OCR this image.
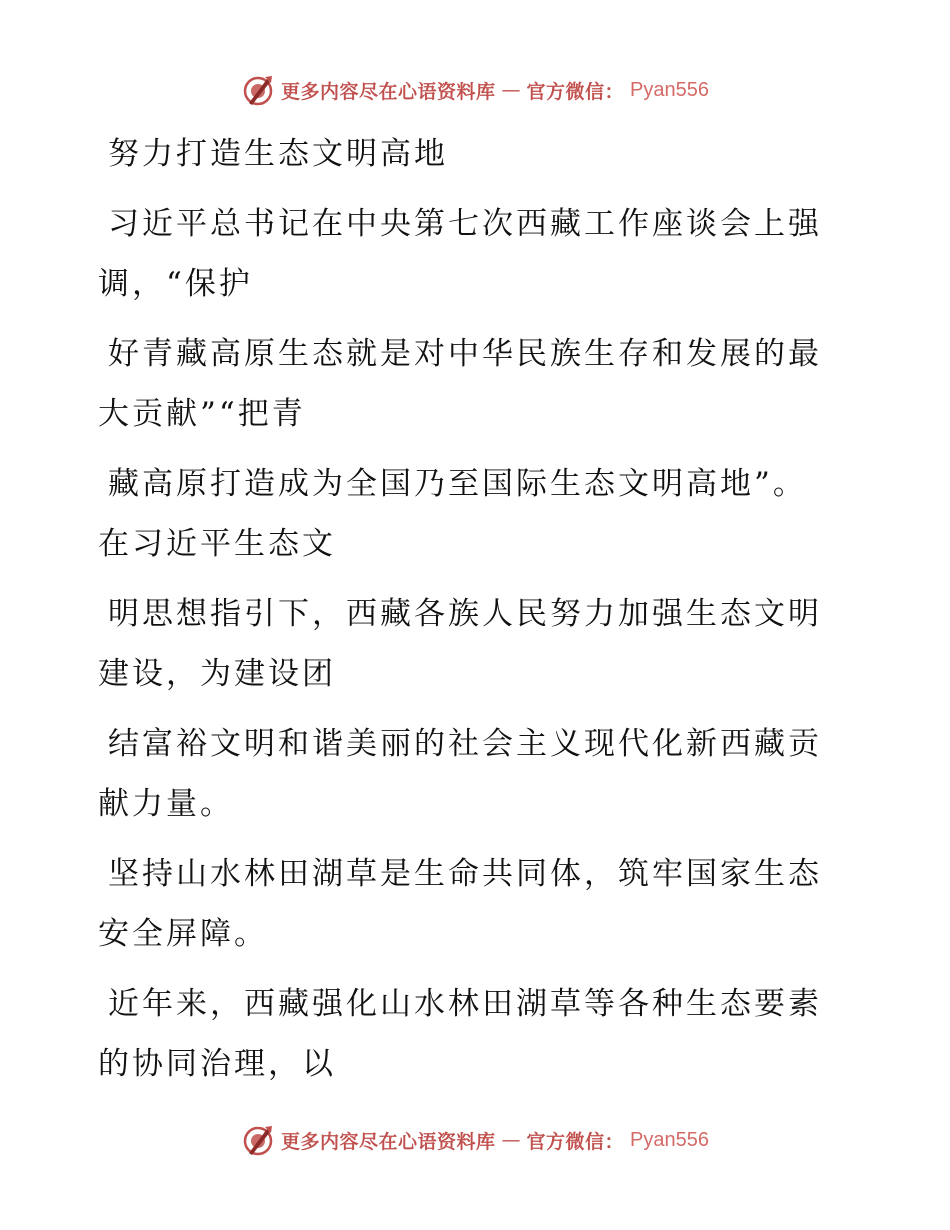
更多内容尽在心语资料库 — 官方微信： Pyan556

努力打造生态文明高地

习近平总书记在中央第七次西藏工作座谈会上强
调，“保护

好青藏高原生态就是对中华民族生存和发展的最
大贡献”“把青

藏高原打造成为全国乃至国际生态文明高地”。
在习近平生态文

明思想指引下，西藏各族人民努力加强生态文明
建设，为建设团

结富裕文明和谐美丽的社会主义现代化新西藏贡
献力量。

坚持山水林田湖草是生命共同体，筑牢国家生态
安全屏障。

近年来，西藏强化山水林田湖草等各种生态要素
的协同治理，以

更多内容尽在心语资料库 — 官方微信： Pyan556
